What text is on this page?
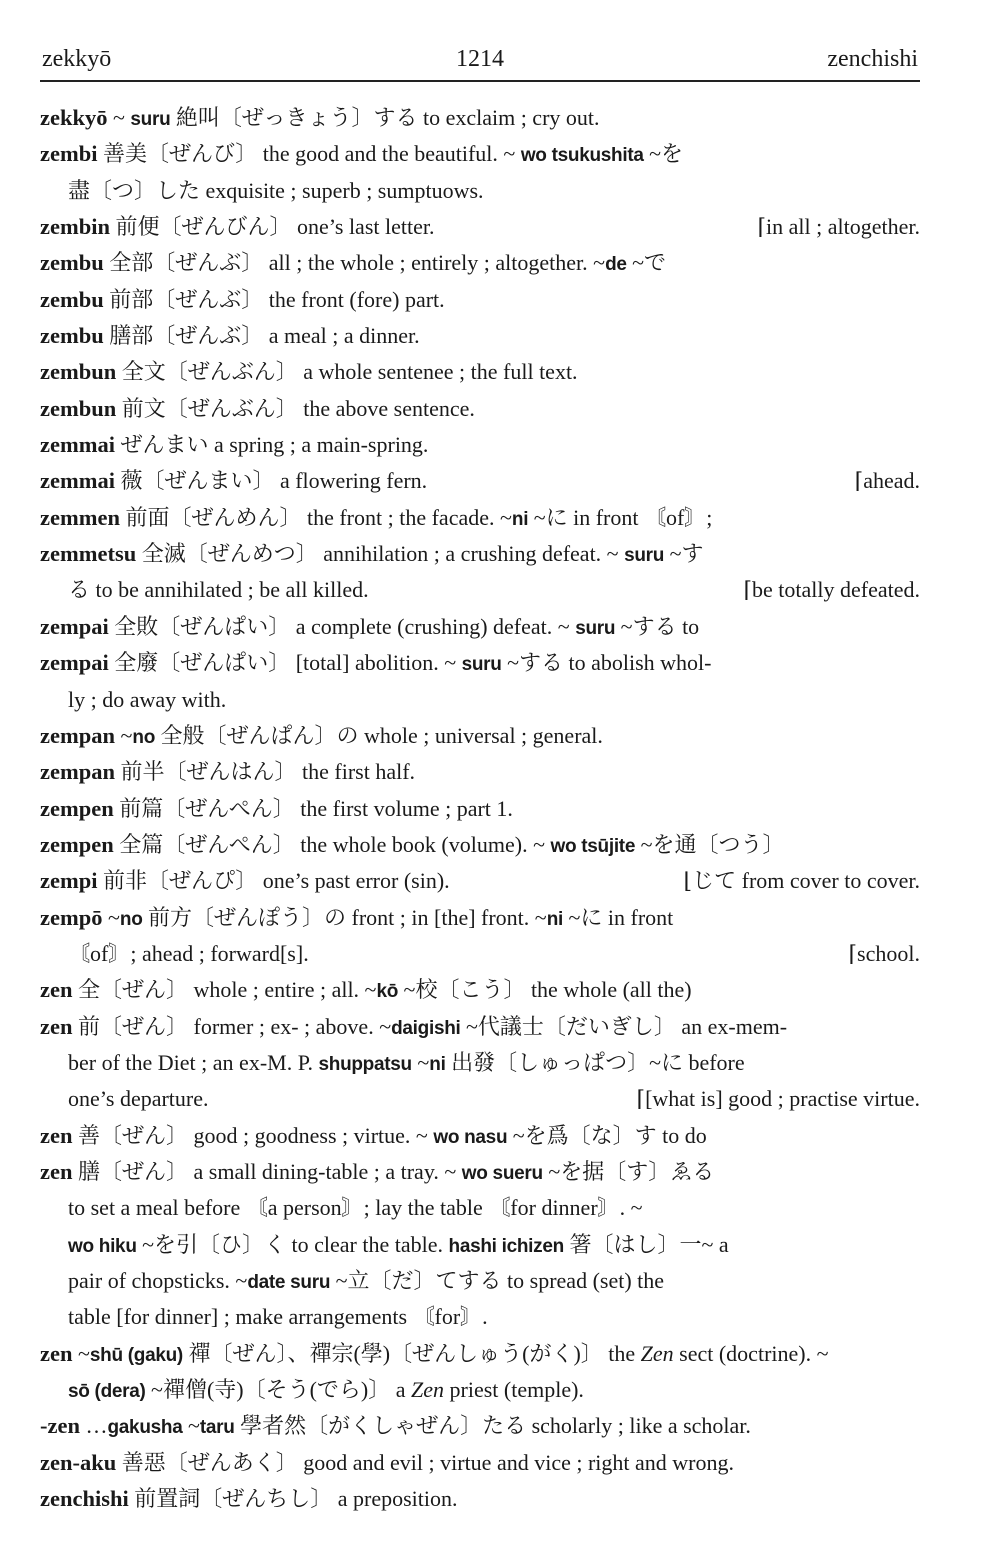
zekkyō	1214	zenchishi
zekkyō ~ suru 絶叫〔ぜっきょう〕する to exclaim ; cry out.
zembi 善美〔ぜんび〕 the good and the beautiful. ~ wo tsukushita ~を
盡〔つ〕した exquisite ; superb ; sumptuows.
zembin 前便〔ぜんびん〕 one’s last letter.	⌈in all ; altogether.
zembu 全部〔ぜんぶ〕 all ; the whole ; entirely ; altogether. ~de ~で
zembu 前部〔ぜんぶ〕 the front (fore) part.
zembu 膳部〔ぜんぶ〕 a meal ; a dinner.
zembun 全文〔ぜんぶん〕 a whole sentenee ; the full text.
zembun 前文〔ぜんぶん〕 the above sentence.
zemmai ぜんまい a spring ; a main-spring.
zemmai 薇〔ぜんまい〕 a flowering fern.	⌈ahead.
zemmen 前面〔ぜんめん〕 the front ; the facade. ~ni ~に in front 〘of〙;
zemmetsu 全滅〔ぜんめつ〕 annihilation ; a crushing defeat. ~ suru ~す
る to be annihilated ; be all killed.	⌈be totally defeated.
zempai 全敗〔ぜんぱい〕 a complete (crushing) defeat. ~ suru ~する to
zempai 全廢〔ぜんぱい〕 [total] abolition. ~ suru ~する to abolish whol-
ly ; do away with.
zempan ~no 全般〔ぜんぱん〕の whole ; universal ; general.
zempan 前半〔ぜんはん〕 the first half.
zempen 前篇〔ぜんぺん〕 the first volume ; part 1.
zempen 全篇〔ぜんぺん〕 the whole book (volume). ~ wo tsūjite ~を通〔つう〕
zempi 前非〔ぜんぴ〕 one’s past error (sin).	⌊じて from cover to cover.
zempō ~no 前方〔ぜんぽう〕の front ; in [the] front. ~ni ~に in front
〘of〙; ahead ; forward[s].	⌈school.
zen 全〔ぜん〕 whole ; entire ; all. ~kō ~校〔こう〕 the whole (all the)
zen 前〔ぜん〕 former ; ex- ; above. ~daigishi ~代議士〔だいぎし〕 an ex-mem-
ber of the Diet ; an ex-M. P. shuppatsu ~ni 出發〔しゅっぱつ〕~に before
one’s departure.	⌈[what is] good ; practise virtue.
zen 善〔ぜん〕 good ; goodness ; virtue. ~ wo nasu ~を爲〔な〕す to do
zen 膳〔ぜん〕 a small dining-table ; a tray. ~ wo sueru ~を据〔す〕ゑる
to set a meal before 〘a person〙; lay the table 〘for dinner〙. ~
wo hiku ~を引〔ひ〕く to clear the table. hashi ichizen 箸〔はし〕一~ a
pair of chopsticks. ~date suru ~立〔だ〕てする to spread (set) the
table [for dinner] ; make arrangements 〘for〙.
zen ~shū (gaku) 禪〔ぜん〕、禪宗(學)〔ぜんしゅう(がく)〕 the Zen sect (doctrine). ~
sō (dera) ~禪僧(寺)〔そう(でら)〕 a Zen priest (temple).
-zen …gakusha ~taru 學者然〔がくしゃぜん〕たる scholarly ; like a scholar.
zen-aku 善惡〔ぜんあく〕 good and evil ; virtue and vice ; right and wrong.
zenchishi 前置詞〔ぜんちし〕 a preposition.
